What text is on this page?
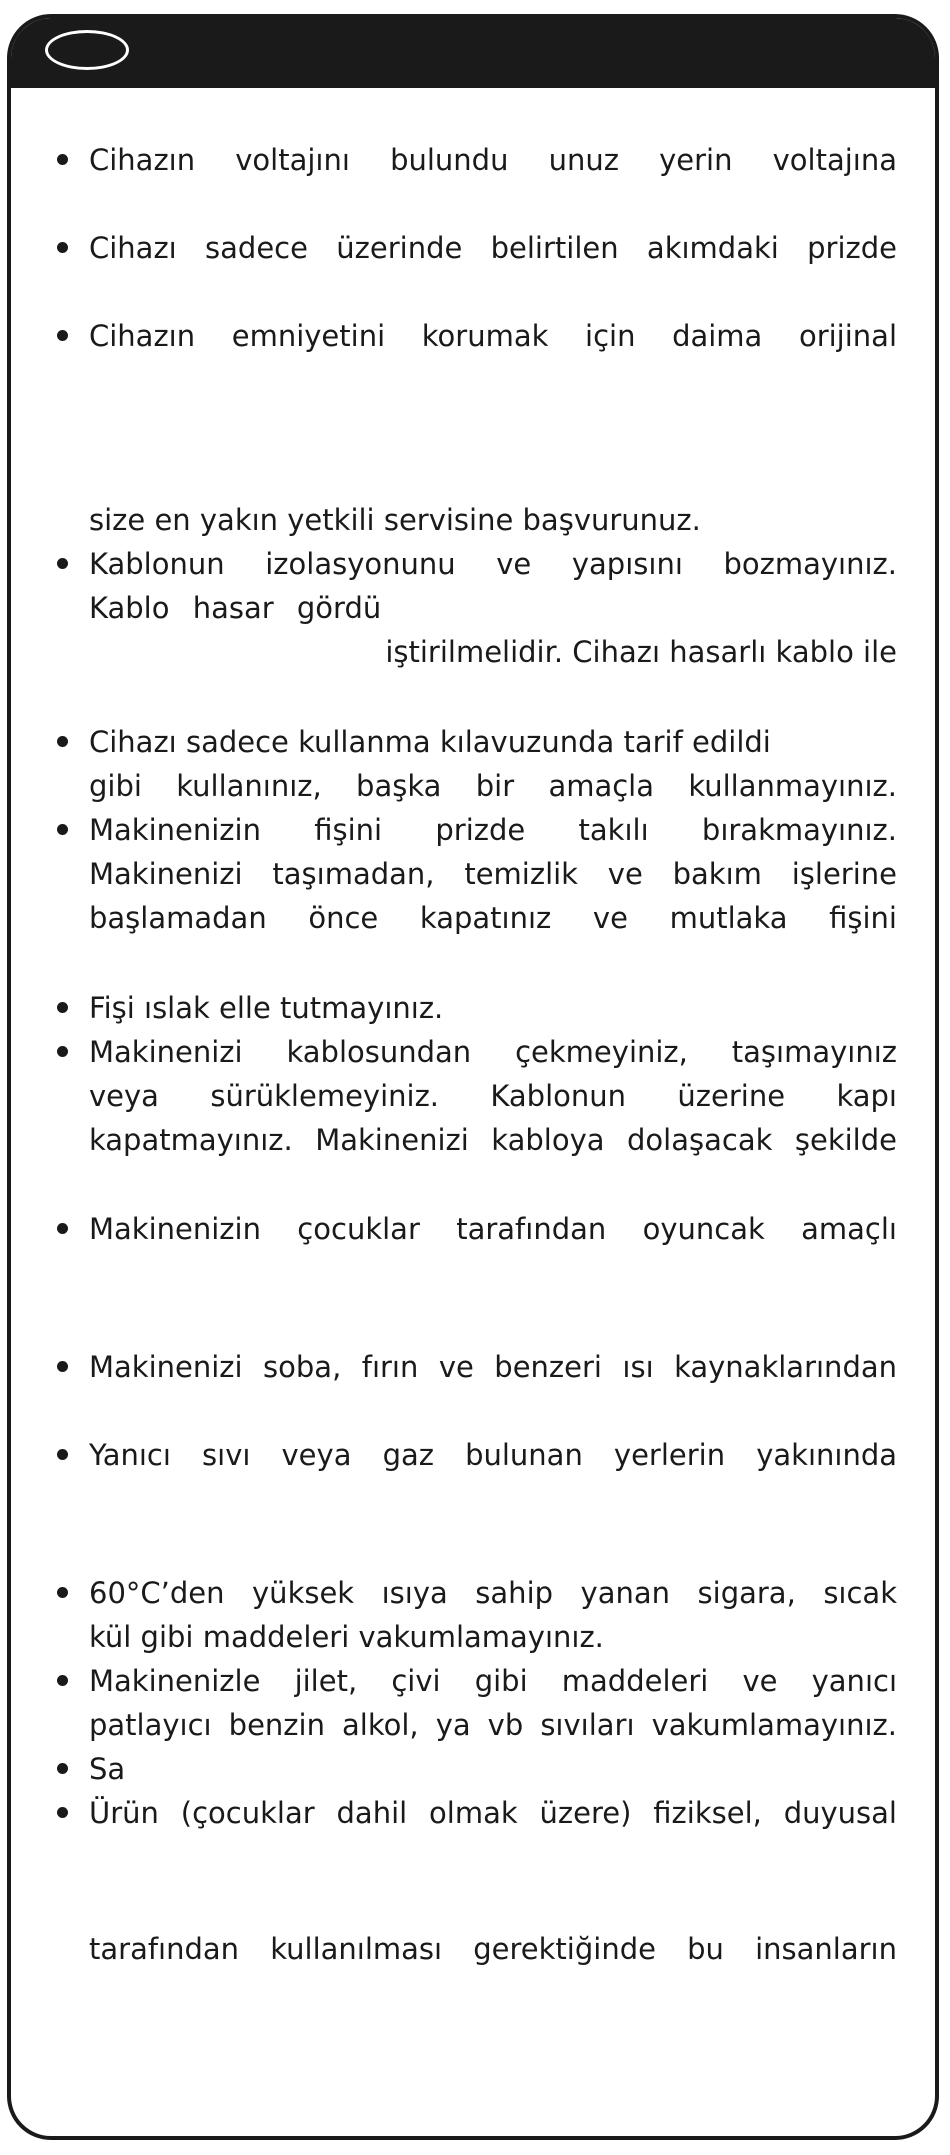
Cihazın voltajını bulundu unuz yerin voltajına
Cihazı sadece üzerinde belirtilen akımdaki prizde
Cihazın emniyetini korumak için daima orijinal
size en yakın yetkili servisine başvurunuz.
Kablonun izolasyonunu ve yapısını bozmayınız.
Kablo hasar gördü
iştirilmelidir. Cihazı hasarlı kablo ile
Cihazı sadece kullanma kılavuzunda tarif edildi
gibi kullanınız, başka bir amaçla kullanmayınız.
Makinenizin fişini prizde takılı bırakmayınız.
Makinenizi taşımadan, temizlik ve bakım işlerine
başlamadan önce kapatınız ve mutlaka fişini
Fişi ıslak elle tutmayınız.
Makinenizi kablosundan çekmeyiniz, taşımayınız
veya sürüklemeyiniz. Kablonun üzerine kapı
kapatmayınız. Makinenizi kabloya dolaşacak şekilde
Makinenizin çocuklar tarafından oyuncak amaçlı
Makinenizi soba, fırın ve benzeri ısı kaynaklarından
Yanıcı sıvı veya gaz bulunan yerlerin yakınında
60°C’den yüksek ısıya sahip yanan sigara, sıcak
kül gibi maddeleri vakumlamayınız.
Makinenizle jilet, çivi gibi maddeleri ve yanıcı
patlayıcı benzin alkol, ya vb sıvıları vakumlamayınız.
Sa
Ürün (çocuklar dahil olmak üzere) fiziksel, duyusal
tarafından kullanılması gerektiğinde bu insanların
